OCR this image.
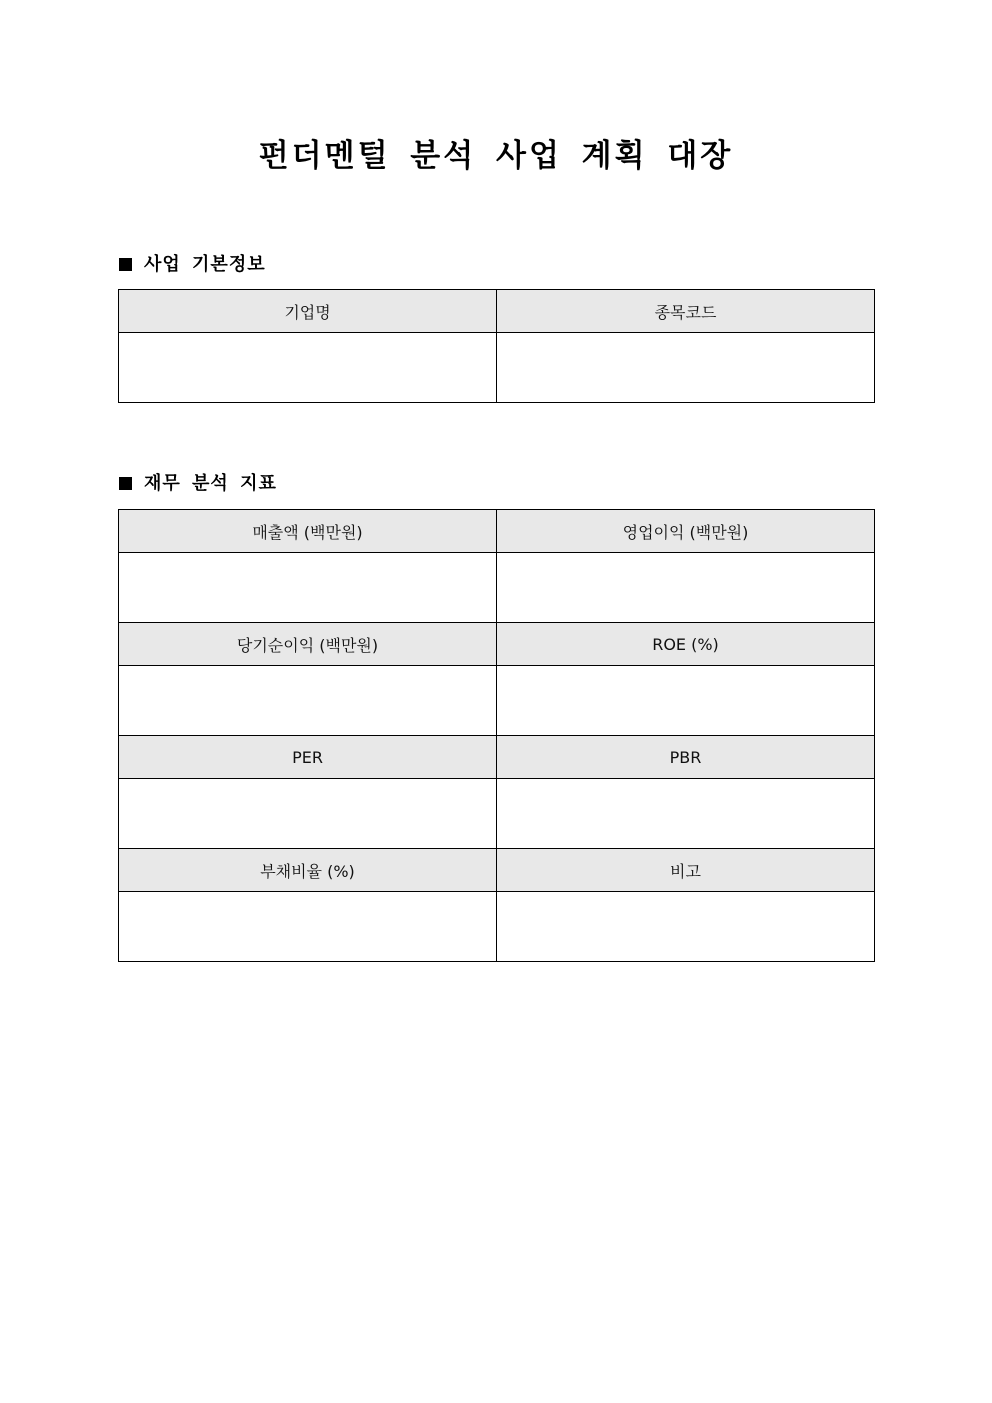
펀더멘털 분석 사업 계획 대장
사업 기본정보
기업명	종목코드

재무 분석 지표
매출액 (백만원)	영업이익 (백만원)

당기순이익 (백만원)	ROE (%)

PER	PBR

부채비율 (%)	비고
